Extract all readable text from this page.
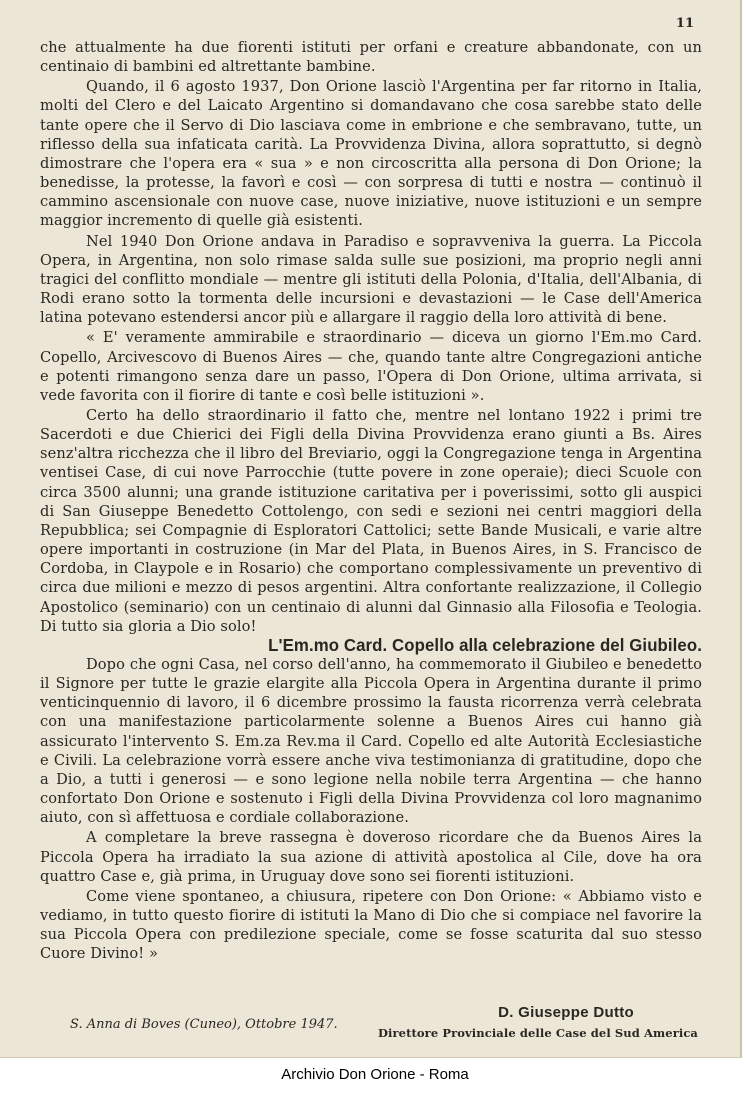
11

che attualmente ha due fiorenti istituti per orfani e creature abbandonate, con un centinaio di bambini ed altrettante bambine.

Quando, il 6 agosto 1937, Don Orione lasciò l'Argentina per far ritorno in Italia, molti del Clero e del Laicato Argentino si domandavano che cosa sarebbe stato delle tante opere che il Servo di Dio lasciava come in embrione e che sembravano, tutte, un riflesso della sua infaticata carità. La Provvidenza Divina, allora soprattutto, si degnò dimostrare che l'opera era « sua » e non circoscritta alla persona di Don Orione; la benedisse, la protesse, la favorì e così — con sorpresa di tutti e nostra — continuò il cammino ascensionale con nuove case, nuove iniziative, nuove istituzioni e un sempre maggior incremento di quelle già esistenti.

Nel 1940 Don Orione andava in Paradiso e sopravveniva la guerra. La Piccola Opera, in Argentina, non solo rimase salda sulle sue posizioni, ma proprio negli anni tragici del conflitto mondiale — mentre gli istituti della Polonia, d'Italia, dell'Albania, di Rodi erano sotto la tormenta delle incursioni e devastazioni — le Case dell'America latina potevano estendersi ancor più e allargare il raggio della loro attività di bene.

« E' veramente ammirabile e straordinario — diceva un giorno l'Em.mo Card. Copello, Arcivescovo di Buenos Aires — che, quando tante altre Congregazioni antiche e potenti rimangono senza dare un passo, l'Opera di Don Orione, ultima arrivata, si vede favorita con il fiorire di tante e così belle istituzioni ».

Certo ha dello straordinario il fatto che, mentre nel lontano 1922 i primi tre Sacerdoti e due Chierici dei Figli della Divina Provvidenza erano giunti a Bs. Aires senz'altra ricchezza che il libro del Breviario, oggi la Congregazione tenga in Argentina ventisei Case, di cui nove Parrocchie (tutte povere in zone operaie); dieci Scuole con circa 3500 alunni; una grande istituzione caritativa per i poverissimi, sotto gli auspici di San Giuseppe Benedetto Cottolengo, con sedi e sezioni nei centri maggiori della Repubblica; sei Compagnie di Esploratori Cattolici; sette Bande Musicali, e varie altre opere importanti in costruzione (in Mar del Plata, in Buenos Aires, in S. Francisco de Cordoba, in Claypole e in Rosario) che comportano complessivamente un preventivo di circa due milioni e mezzo di pesos argentini. Altra confortante realizzazione, il Collegio Apostolico (seminario) con un centinaio di alunni dal Ginnasio alla Filosofia e Teologia. Di tutto sia gloria a Dio solo!

L'Em.mo Card. Copello alla celebrazione del Giubileo.

Dopo che ogni Casa, nel corso dell'anno, ha commemorato il Giubileo e benedetto il Signore per tutte le grazie elargite alla Piccola Opera in Argentina durante il primo venticinquennio di lavoro, il 6 dicembre prossimo la fausta ricorrenza verrà celebrata con una manifestazione particolarmente solenne a Buenos Aires cui hanno già assicurato l'intervento S. Em.za Rev.ma il Card. Copello ed alte Autorità Ecclesiastiche e Civili. La celebrazione vorrà essere anche viva testimonianza di gratitudine, dopo che a Dio, a tutti i generosi — e sono legione nella nobile terra Argentina — che hanno confortato Don Orione e sostenuto i Figli della Divina Provvidenza col loro magnanimo aiuto, con sì affettuosa e cordiale collaborazione.

A completare la breve rassegna è doveroso ricordare che da Buenos Aires la Piccola Opera ha irradiato la sua azione di attività apostolica al Cile, dove ha ora quattro Case e, già prima, in Uruguay dove sono sei fiorenti istituzioni.

Come viene spontaneo, a chiusura, ripetere con Don Orione: « Abbiamo visto e vediamo, in tutto questo fiorire di istituti la Mano di Dio che si compiace nel favorire la sua Piccola Opera con predilezione speciale, come se fosse scaturita dal suo stesso Cuore Divino! »

S. Anna di Boves (Cuneo), Ottobre 1947.
D. Giuseppe Dutto
Direttore Provinciale delle Case del Sud America
Archivio Don Orione - Roma
